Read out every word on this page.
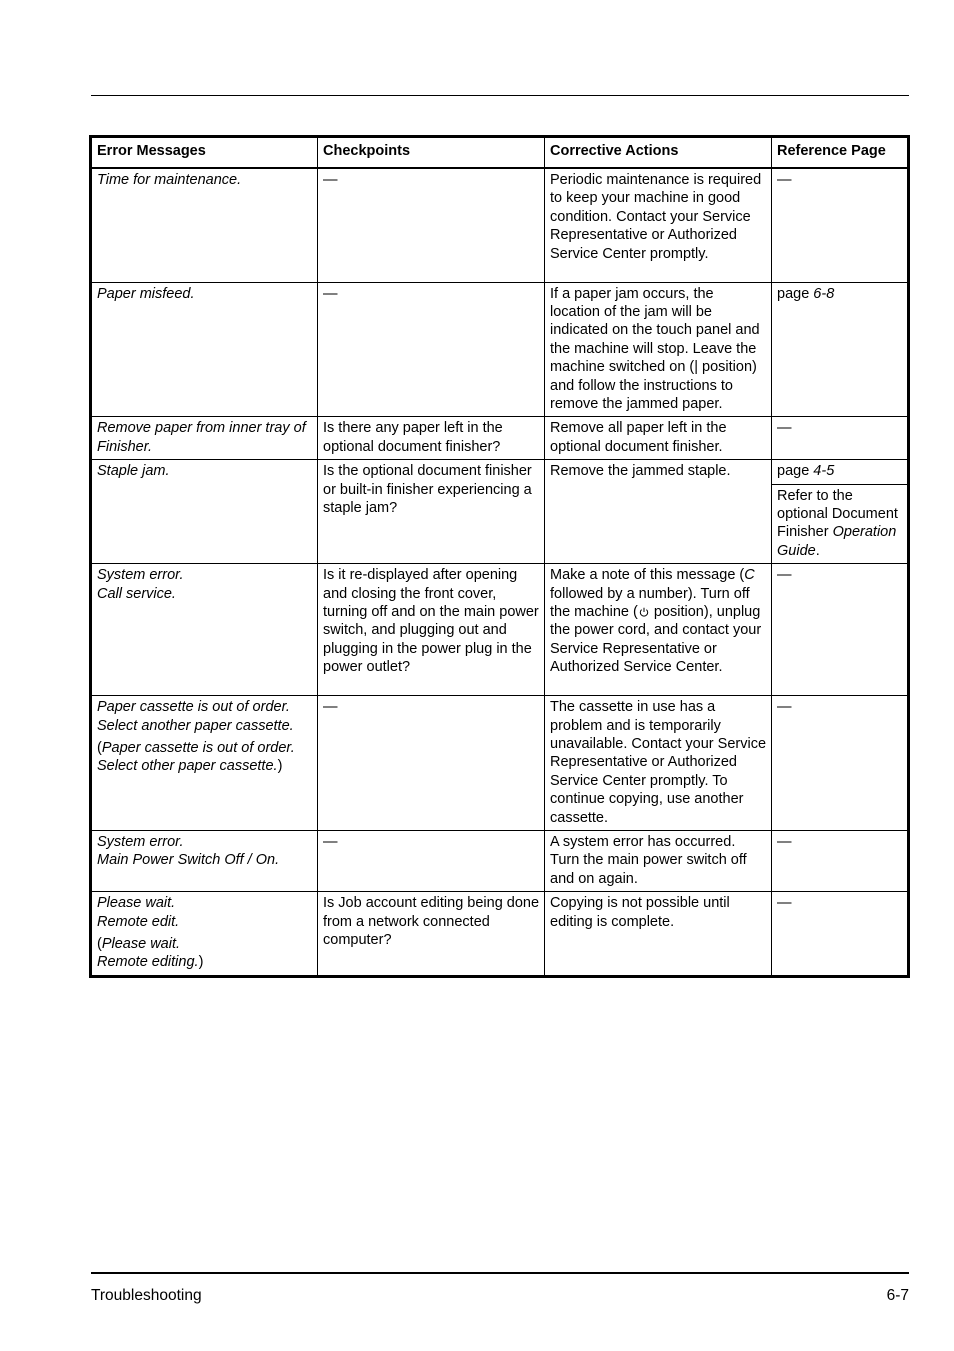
Error Messages	Checkpoints	Corrective Actions	Reference Page
Time for maintenance.	—	Periodic maintenance is required to keep your machine in good condition. Contact your Service Representative or Authorized Service Center promptly.	—
Paper misfeed.	—	If a paper jam occurs, the location of the jam will be indicated on the touch panel and the machine will stop. Leave the machine switched on (| position) and follow the instructions to remove the jammed paper.	page 6-8
Remove paper from inner tray of Finisher.	Is there any paper left in the optional document finisher?	Remove all paper left in the optional document finisher.	—
Staple jam.	Is the optional document finisher or built-in finisher experiencing a staple jam?	Remove the jammed staple.	page 4-5
Refer to the optional Document Finisher Operation Guide.

System error.
Call service.	Is it re-displayed after opening and closing the front cover, turning off and on the main power switch, and plugging out and plugging in the power plug in the power outlet?	Make a note of this message (C followed by a number). Turn off the machine ( position), unplug the power cord, and contact your Service Representative or Authorized Service Center.	—

Paper cassette is out of order.
Select another paper cassette.
(Paper cassette is out of order.
Select other paper cassette.)	—	The cassette in use has a problem and is temporarily unavailable. Contact your Service Representative or Authorized Service Center promptly. To continue copying, use another cassette.	—

System error.
Main Power Switch Off / On.	—	A system error has occurred. Turn the main power switch off and on again.	—

Please wait.
Remote edit.
(Please wait.
Remote editing.)	Is Job account editing being done from a network connected computer?	Copying is not possible until editing is complete.	—
Troubleshooting	6-7
